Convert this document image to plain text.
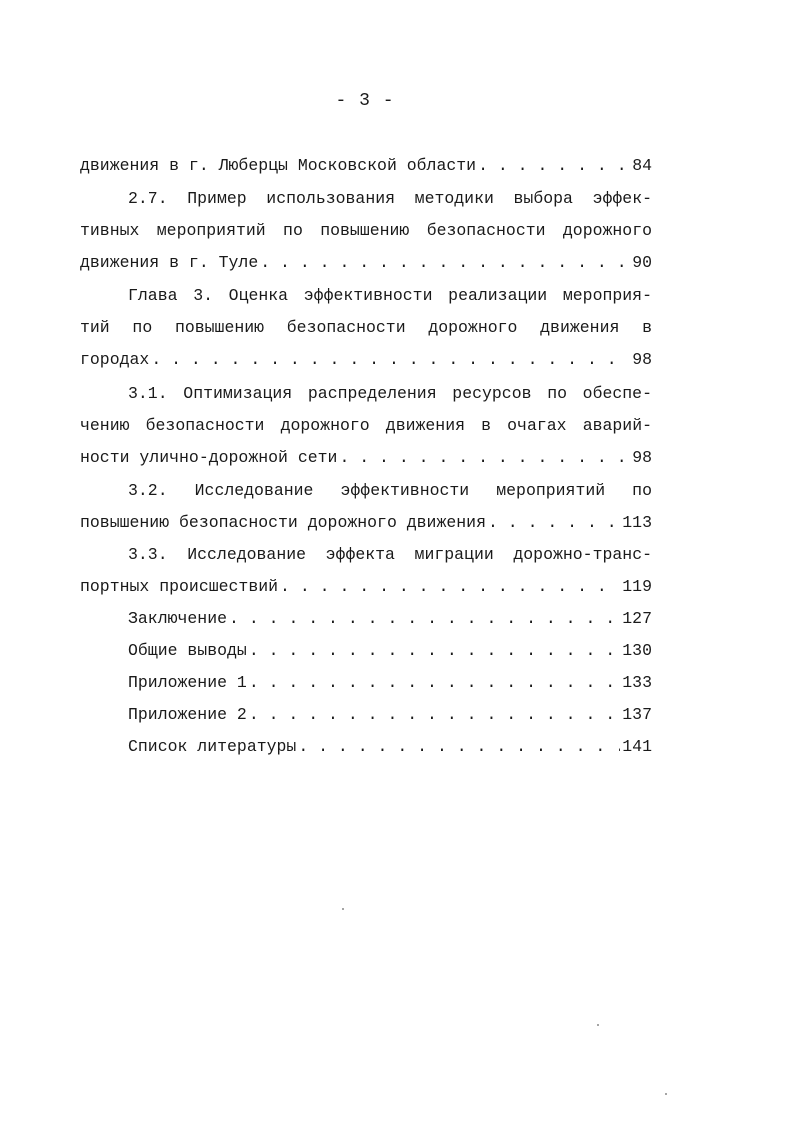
- 3 -
движения в г. Люберцы Московской области . . .	84
2.7. Пример использования методики выбора эффек-
тивных мероприятий по повышению безопасности дорожного
движения в г. Туле . . .	90
Глава 3. Оценка эффективности реализации мероприя-
тий по повышению безопасности дорожного движения в
городах . . .	98
3.1. Оптимизация распределения ресурсов по обеспе-
чению безопасности дорожного движения в очагах аварий-
ности улично-дорожной сети . . .	98
3.2. Исследование эффективности мероприятий по
повышению безопасности дорожного движения . . .	113
3.3. Исследование эффекта миграции дорожно-транс-
портных происшествий . . .	119
Заключение . . .	127
Общие выводы . . .	130
Приложение 1 . . .	133
Приложение 2 . . .	137
Список литературы . . .	141
